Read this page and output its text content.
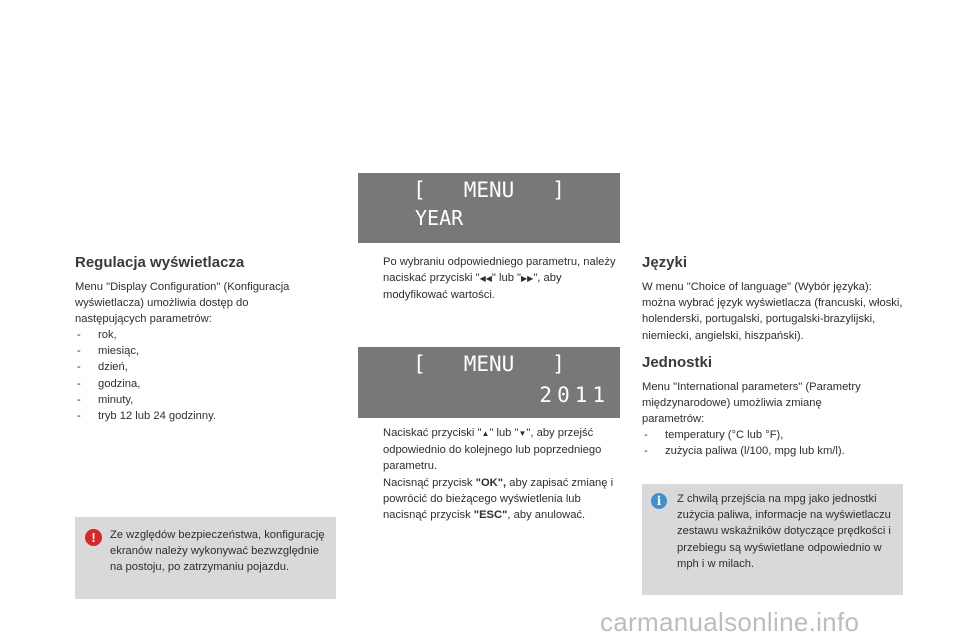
Regulacja wyświetlacza
Menu "Display Configuration" (Konfiguracja wyświetlacza) umożliwia dostęp do następujących parametrów:
- rok,
- miesiąc,
- dzień,
- godzina,
- minuty,
- tryb 12 lub 24 godzinny.
!	Ze względów bezpieczeństwa, konfigurację ekranów należy wykonywać bezwzględnie na postoju, po zatrzymaniu pojazdu.
[   MENU   ]
YEAR
Po wybraniu odpowiedniego parametru, należy naciskać przyciski "◀◀" lub "▶▶", aby modyfikować wartości.
[   MENU   ]
2011
Naciskać przyciski "▲" lub "▼", aby przejść odpowiednio do kolejnego lub poprzedniego parametru.
Nacisnąć przycisk "OK", aby zapisać zmianę i powrócić do bieżącego wyświetlenia lub nacisnąć przycisk "ESC", aby anulować.
Języki
W menu "Choice of language" (Wybór języka): można wybrać język wyświetlacza (francuski, włoski, holenderski, portugalski, portugalski-brazylijski, niemiecki, angielski, hiszpański).
Jednostki
Menu "International parameters" (Parametry międzynarodowe) umożliwia zmianę parametrów:
- temperatury (°C lub °F),
- zużycia paliwa (l/100, mpg lub km/l).
i	Z chwilą przejścia na mpg jako jednostki zużycia paliwa, informacje na wyświetlaczu zestawu wskaźników dotyczące prędkości i przebiegu są wyświetlane odpowiednio w mph i w milach.
carmanualsonline.info
